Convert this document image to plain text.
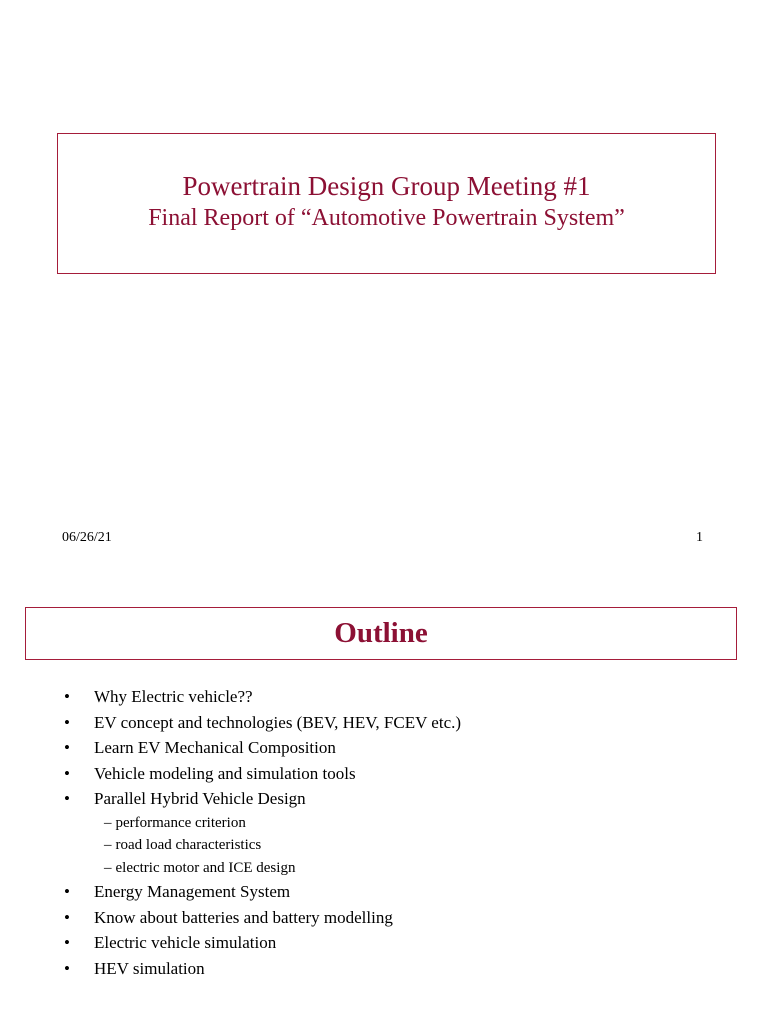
Powertrain Design Group Meeting #1
Final Report of “Automotive Powertrain System”
06/26/21	1
Outline
• Why Electric vehicle??
• EV concept and technologies (BEV, HEV, FCEV etc.)
• Learn EV Mechanical Composition
• Vehicle modeling and simulation tools
• Parallel Hybrid Vehicle Design
– performance criterion
– road load characteristics
– electric motor and ICE design
• Energy Management System
• Know about batteries and battery modelling
• Electric vehicle simulation
• HEV simulation
